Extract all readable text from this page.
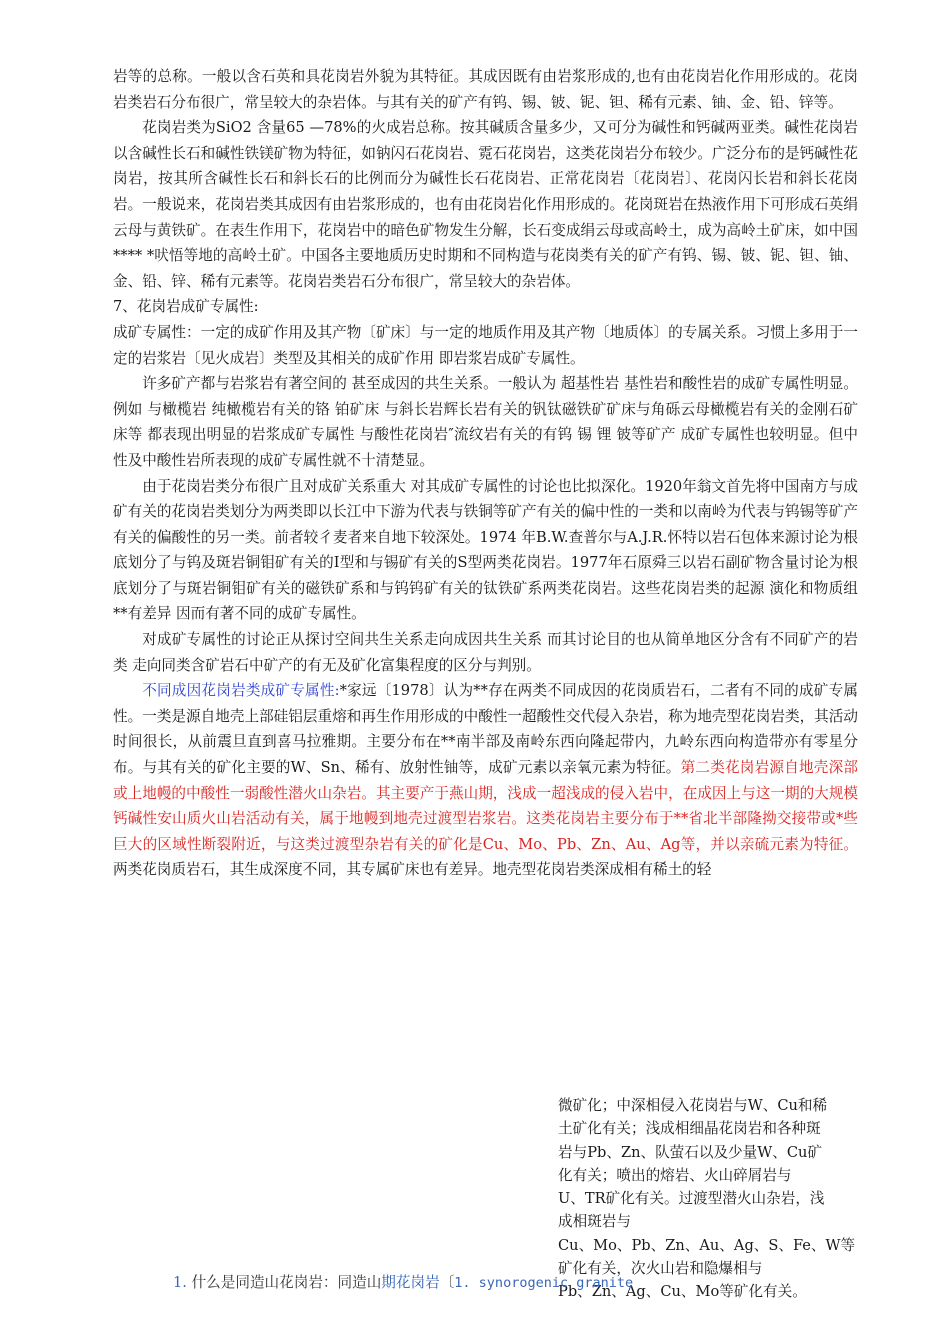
岩等的总称。一般以含石英和具花岗岩外貌为其特征。其成因既有由岩浆形成的,也有由花岗岩化作用形成的。花岗岩类岩石分布很广，常呈较大的杂岩体。与其有关的矿产有钨、锡、铍、铌、钽、稀有元素、铀、金、铅、锌等。

花岗岩类为SiO2 含量65 —78%的火成岩总称。按其碱质含量多少，又可分为碱性和钙碱两亚类。碱性花岗岩以含碱性长石和碱性铁镁矿物为特征，如钠闪石花岗岩、霓石花岗岩，这类花岗岩分布较少。广泛分布的是钙碱性花岗岩，按其所含碱性长石和斜长石的比例而分为碱性长石花岗岩、正常花岗岩〔花岗岩〕、花岗闪长岩和斜长花岗岩。一般说来，花岗岩类其成因有由岩浆形成的，也有由花岗岩化作用形成的。花岗斑岩在热液作用下可形成石英绢云母与黄铁矿。在表生作用下，花岗岩中的暗色矿物发生分解，长石变成绢云母或高岭土，成为高岭土矿床，如中国**** *吠悟等地的高岭土矿。中国各主要地质历史时期和不同构造与花岗类有关的矿产有钨、锡、铍、铌、钽、铀、金、铅、锌、稀有元素等。花岗岩类岩石分布很广，常呈较大的杂岩体。

7、花岗岩成矿专属性:

成矿专属性：一定的成矿作用及其产物〔矿床〕与一定的地质作用及其产物〔地质体〕的专属关系。习惯上多用于一定的岩浆岩〔见火成岩〕类型及其相关的成矿作用 即岩浆岩成矿专属性。

许多矿产都与岩浆岩有著空间的 甚至成因的共生关系。一般认为 超基性岩 基性岩和酸性岩的成矿专属性明显。例如 与橄榄岩 纯橄榄岩有关的铬 铂矿床 与斜长岩辉长岩有关的钒钛磁铁矿矿床与角砾云母橄榄岩有关的金刚石矿床等 都表现出明显的岩浆成矿专属性 与酸性花岗岩″流纹岩有关的有钨 锡 锂 铍等矿产 成矿专属性也较明显。但中性及中酸性岩所表现的成矿专属性就不十清楚显。

由于花岗岩类分布很广且对成矿关系重大 对其成矿专属性的讨论也比拟深化。1920年翁文首先将中国南方与成矿有关的花岗岩类划分为两类即以长江中下游为代表与铁铜等矿产有关的偏中性的一类和以南岭为代表与钨锡等矿产有关的偏酸性的另一类。前者较彳麦者来自地下较深处。1974 年B.W.查普尔与A.J.R.怀特以岩石包体来源讨论为根底划分了与钨及斑岩铜钼矿有关的I型和与锡矿有关的S型两类花岗岩。1977年石原舜三以岩石副矿物含量讨论为根底划分了与斑岩铜钼矿有关的磁铁矿系和与钨钨矿有关的钛铁矿系两类花岗岩。这些花岗岩类的起源 演化和物质组**有差异 因而有著不同的成矿专属性。

对成矿专属性的讨论正从探讨空间共生关系走向成因共生关系 而其讨论目的也从简单地区分含有不同矿产的岩类 走向同类含矿岩石中矿产的有无及矿化富集程度的区分与判别。

不同成因花岗岩类成矿专属性:*家远〔1978〕认为**存在两类不同成因的花岗质岩石，二者有不同的成矿专属性。一类是源自地壳上部硅铝层重熔和再生作用形成的中酸性一超酸性交代侵入杂岩，称为地壳型花岗岩类，其活动时间很长，从前震旦直到喜马拉雅期。主要分布在**南半部及南岭东西向隆起带内，九岭东西向构造带亦有零星分布。与其有关的矿化主要的W、Sn、稀有、放射性铀等，成矿元素以亲氧元素为特征。第二类花岗岩源自地壳深部或上地幔的中酸性一弱酸性潜火山杂岩。其主要产于燕山期，浅成一超浅成的侵入岩中，在成因上与这一期的大规模钙碱性安山质火山岩活动有关，属于地幔到地壳过渡型岩浆岩。这类花岗岩主要分布于**省北半部隆拗交接带或*些巨大的区域性断裂附近，与这类过渡型杂岩有关的矿化是Cu、Mo、Pb、Zn、Au、Ag等，并以亲硫元素为特征。两类花岗质岩石，其生成深度不同，其专属矿床也有差异。地壳型花岗岩类深成相有稀土的轻

微矿化；中深相侵入花岗岩与W、Cu和稀

土矿化有关；浅成相细晶花岗岩和各种斑

岩与Pb、Zn、队萤石以及少量W、Cu矿

化有关；喷出的熔岩、火山碎屑岩与

U、TR矿化有关。过渡型潜火山杂岩，浅

成相斑岩与

Cu、Mo、Pb、Zn、Au、Ag、S、Fe、W等

矿化有关，次火山岩和隐爆相与

Pb、Zn、Ag、Cu、Mo等矿化有关。

1. 什么是同造山花岗岩：同造山期花岗岩〔1. synorogenic granite
